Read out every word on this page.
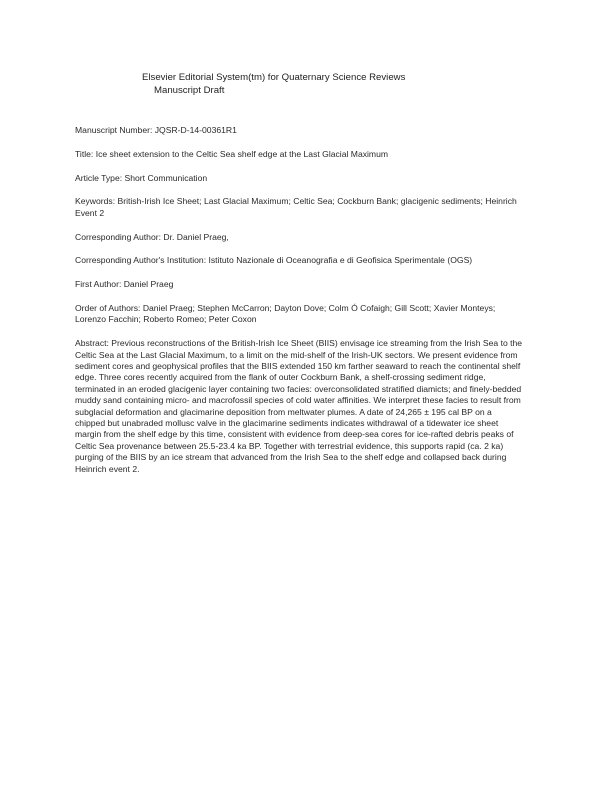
Elsevier Editorial System(tm) for Quaternary Science Reviews
Manuscript Draft
Manuscript Number: JQSR-D-14-00361R1
Title: Ice sheet extension to the Celtic Sea shelf edge at the Last Glacial Maximum
Article Type: Short Communication
Keywords: British-Irish Ice Sheet; Last Glacial Maximum; Celtic Sea; Cockburn Bank; glacigenic sediments; Heinrich Event 2
Corresponding Author: Dr. Daniel Praeg,
Corresponding Author's Institution: Istituto Nazionale di Oceanografia e di Geofisica Sperimentale (OGS)
First Author: Daniel Praeg
Order of Authors: Daniel Praeg; Stephen McCarron; Dayton Dove; Colm Ó Cofaigh; Gill Scott; Xavier Monteys; Lorenzo Facchin; Roberto Romeo; Peter Coxon
Abstract: Previous reconstructions of the British-Irish Ice Sheet (BIIS) envisage ice streaming from the Irish Sea to the Celtic Sea at the Last Glacial Maximum, to a limit on the mid-shelf of the Irish-UK sectors. We present evidence from sediment cores and geophysical profiles that the BIIS extended 150 km farther seaward to reach the continental shelf edge. Three cores recently acquired from the flank of outer Cockburn Bank, a shelf-crossing sediment ridge, terminated in an eroded glacigenic layer containing two facies: overconsolidated stratified diamicts; and finely-bedded muddy sand containing micro- and macrofossil species of cold water affinities. We interpret these facies to result from subglacial deformation and glacimarine deposition from meltwater plumes. A date of 24,265 ± 195 cal BP on a chipped but unabraded mollusc valve in the glacimarine sediments indicates withdrawal of a tidewater ice sheet margin from the shelf edge by this time, consistent with evidence from deep-sea cores for ice-rafted debris peaks of Celtic Sea provenance between 25.5-23.4 ka BP. Together with terrestrial evidence, this supports rapid (ca. 2 ka) purging of the BIIS by an ice stream that advanced from the Irish Sea to the shelf edge and collapsed back during Heinrich event 2.
